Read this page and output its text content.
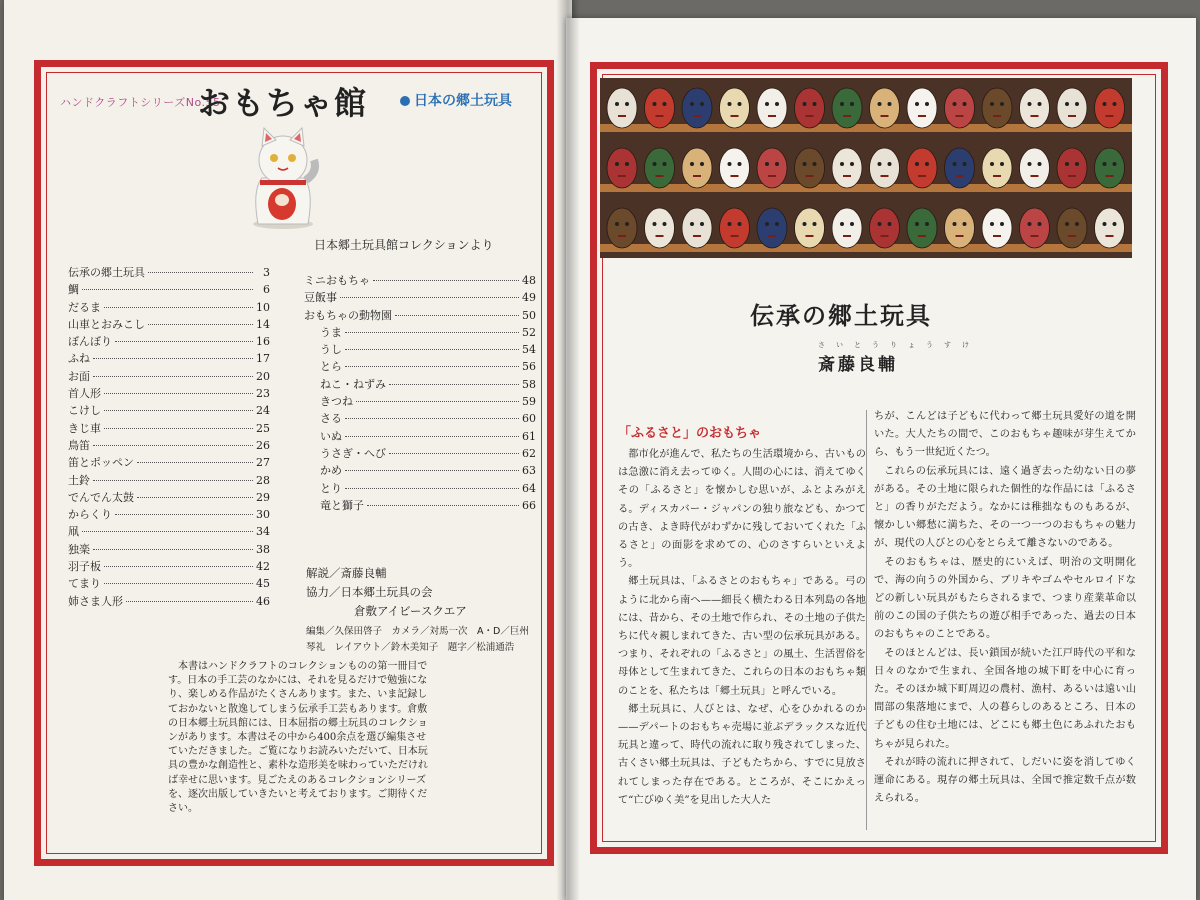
ハンドクラフトシリーズNo.55
おもちゃ館	日本の郷土玩具
日本郷土玩具館コレクションより
伝承の郷土玩具	3
鯛	6
だるま	10
山車とおみこし	14
ぼんぼり	16
ふね	17
お面	20
首人形	23
こけし	24
きじ車	25
鳥笛	26
笛とポッペン	27
土鈴	28
でんでん太鼓	29
からくり	30
凧	34
独楽	38
羽子板	42
てまり	45
姉さま人形	46
ミニおもちゃ	48
豆飯事	49
おもちゃの動物園	50
うま	52
うし	54
とら	56
ねこ・ねずみ	58
きつね	59
さる	60
いぬ	61
うさぎ・へび	62
かめ	63
とり	64
竜と獅子	66
解説／斎藤良輔
協力／日本郷土玩具の会
倉敷アイビースクエア
編集／久保田啓子　カメラ／対馬一次　A・D／巨州
琴礼　レイアウト／鈴木美知子　題字／松浦通浩
本書はハンドクラフトのコレクションものの第一冊目です。日本の手工芸のなかには、それを見るだけで勉強になり、楽しめる作品がたくさんあります。また、いま記録しておかないと散逸してしまう伝承手工芸もあります。倉敷の日本郷土玩具館には、日本屈指の郷土玩具のコレクションがあります。本書はその中から400余点を選び編集させていただきました。ご覧になりお読みいただいて、日本玩具の豊かな創造性と、素朴な造形美を味わっていただければ幸せに思います。見ごたえのあるコレクションシリーズを、逐次出版していきたいと考えております。ご期待ください。
伝承の郷土玩具
さいとうりょうすけ
斎藤良輔
「ふるさと」のおもちゃ

都市化が進んで、私たちの生活環境から、古いものは急激に消え去ってゆく。人間の心には、消えてゆくその「ふるさと」を懐かしむ思いが、ふとよみがえる。ディスカバー・ジャパンの独り旅なども、かつての古き、よき時代がわずかに残しておいてくれた「ふるさと」の面影を求めての、心のさすらいといえよう。

郷土玩具は、「ふるさとのおもちゃ」である。弓のように北から南へ——細長く横たわる日本列島の各地には、昔から、その土地で作られ、その土地の子供たちに代々親しまれてきた、古い型の伝承玩具がある。つまり、それぞれの「ふるさと」の風土、生活習俗を母体として生まれてきた、これらの日本のおもちゃ類のことを、私たちは「郷土玩具」と呼んでいる。

郷土玩具に、人びとは、なぜ、心をひかれるのか——デパートのおもちゃ売場に並ぶデラックスな近代玩具と違って、時代の流れに取り残されてしまった、古くさい郷土玩具は、子どもたちから、すでに見放されてしまった存在である。ところが、そこにかえって“亡びゆく美”を見出した大人た

ちが、こんどは子どもに代わって郷土玩具愛好の道を開いた。大人たちの間で、このおもちゃ趣味が芽生えてから、もう一世紀近くたつ。

これらの伝承玩具には、遠く過ぎ去った幼ない日の夢がある。その土地に限られた個性的な作品には「ふるさと」の香りがただよう。なかには稚拙なものもあるが、懐かしい郷愁に満ちた、その一つ一つのおもちゃの魅力が、現代の人びとの心をとらえて離さないのである。

そのおもちゃは、歴史的にいえば、明治の文明開化で、海の向うの外国から、ブリキやゴムやセルロイドなどの新しい玩具がもたらされるまで、つまり産業革命以前のこの国の子供たちの遊び相手であった、過去の日本のおもちゃのことである。

そのほとんどは、長い鎖国が続いた江戸時代の平和な日々のなかで生まれ、全国各地の城下町を中心に育った。そのほか城下町周辺の農村、漁村、あるいは遠い山間部の集落地にまで、人の暮らしのあるところ、日本の子どもの住む土地には、どこにも郷土色にあふれたおもちゃが見られた。

それが時の流れに押されて、しだいに姿を消してゆく運命にある。現存の郷土玩具は、全国で推定数千点が数えられる。
